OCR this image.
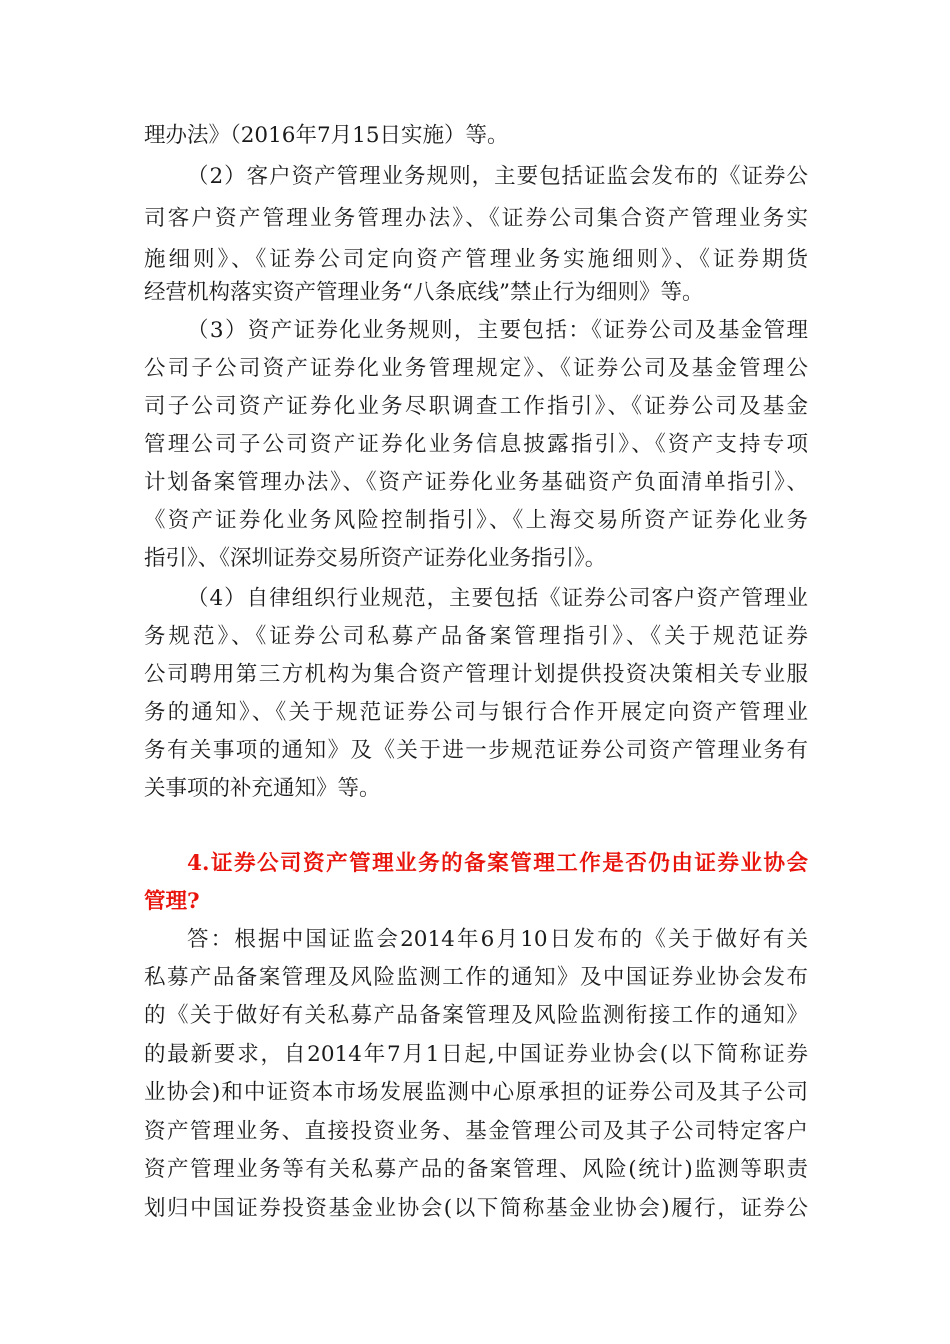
理办法》（2016年7月15日实施）等。
（2）客户资产管理业务规则，主要包括证监会发布的《证券公
司客户资产管理业务管理办法》、《证券公司集合资产管理业务实
施细则》、《证券公司定向资产管理业务实施细则》、《证券期货
经营机构落实资产管理业务“八条底线”禁止行为细则》等。
（3）资产证券化业务规则，主要包括：《证券公司及基金管理
公司子公司资产证券化业务管理规定》、《证券公司及基金管理公
司子公司资产证券化业务尽职调查工作指引》、《证券公司及基金
管理公司子公司资产证券化业务信息披露指引》、《资产支持专项
计划备案管理办法》、《资产证券化业务基础资产负面清单指引》、
《资产证券化业务风险控制指引》、《上海交易所资产证券化业务
指引》、《深圳证券交易所资产证券化业务指引》。
（4）自律组织行业规范，主要包括《证券公司客户资产管理业
务规范》、《证券公司私募产品备案管理指引》、《关于规范证券
公司聘用第三方机构为集合资产管理计划提供投资决策相关专业服
务的通知》、《关于规范证券公司与银行合作开展定向资产管理业
务有关事项的通知》及《关于进一步规范证券公司资产管理业务有
关事项的补充通知》等。
4.证券公司资产管理业务的备案管理工作是否仍由证券业协会
管理?
答：根据中国证监会2014年6月10日发布的《关于做好有关
私募产品备案管理及风险监测工作的通知》及中国证券业协会发布
的《关于做好有关私募产品备案管理及风险监测衔接工作的通知》
的最新要求，自2014年7月1日起,中国证券业协会(以下简称证券
业协会)和中证资本市场发展监测中心原承担的证券公司及其子公司
资产管理业务、直接投资业务、基金管理公司及其子公司特定客户
资产管理业务等有关私募产品的备案管理、风险(统计)监测等职责
划归中国证券投资基金业协会(以下简称基金业协会)履行，证券公
